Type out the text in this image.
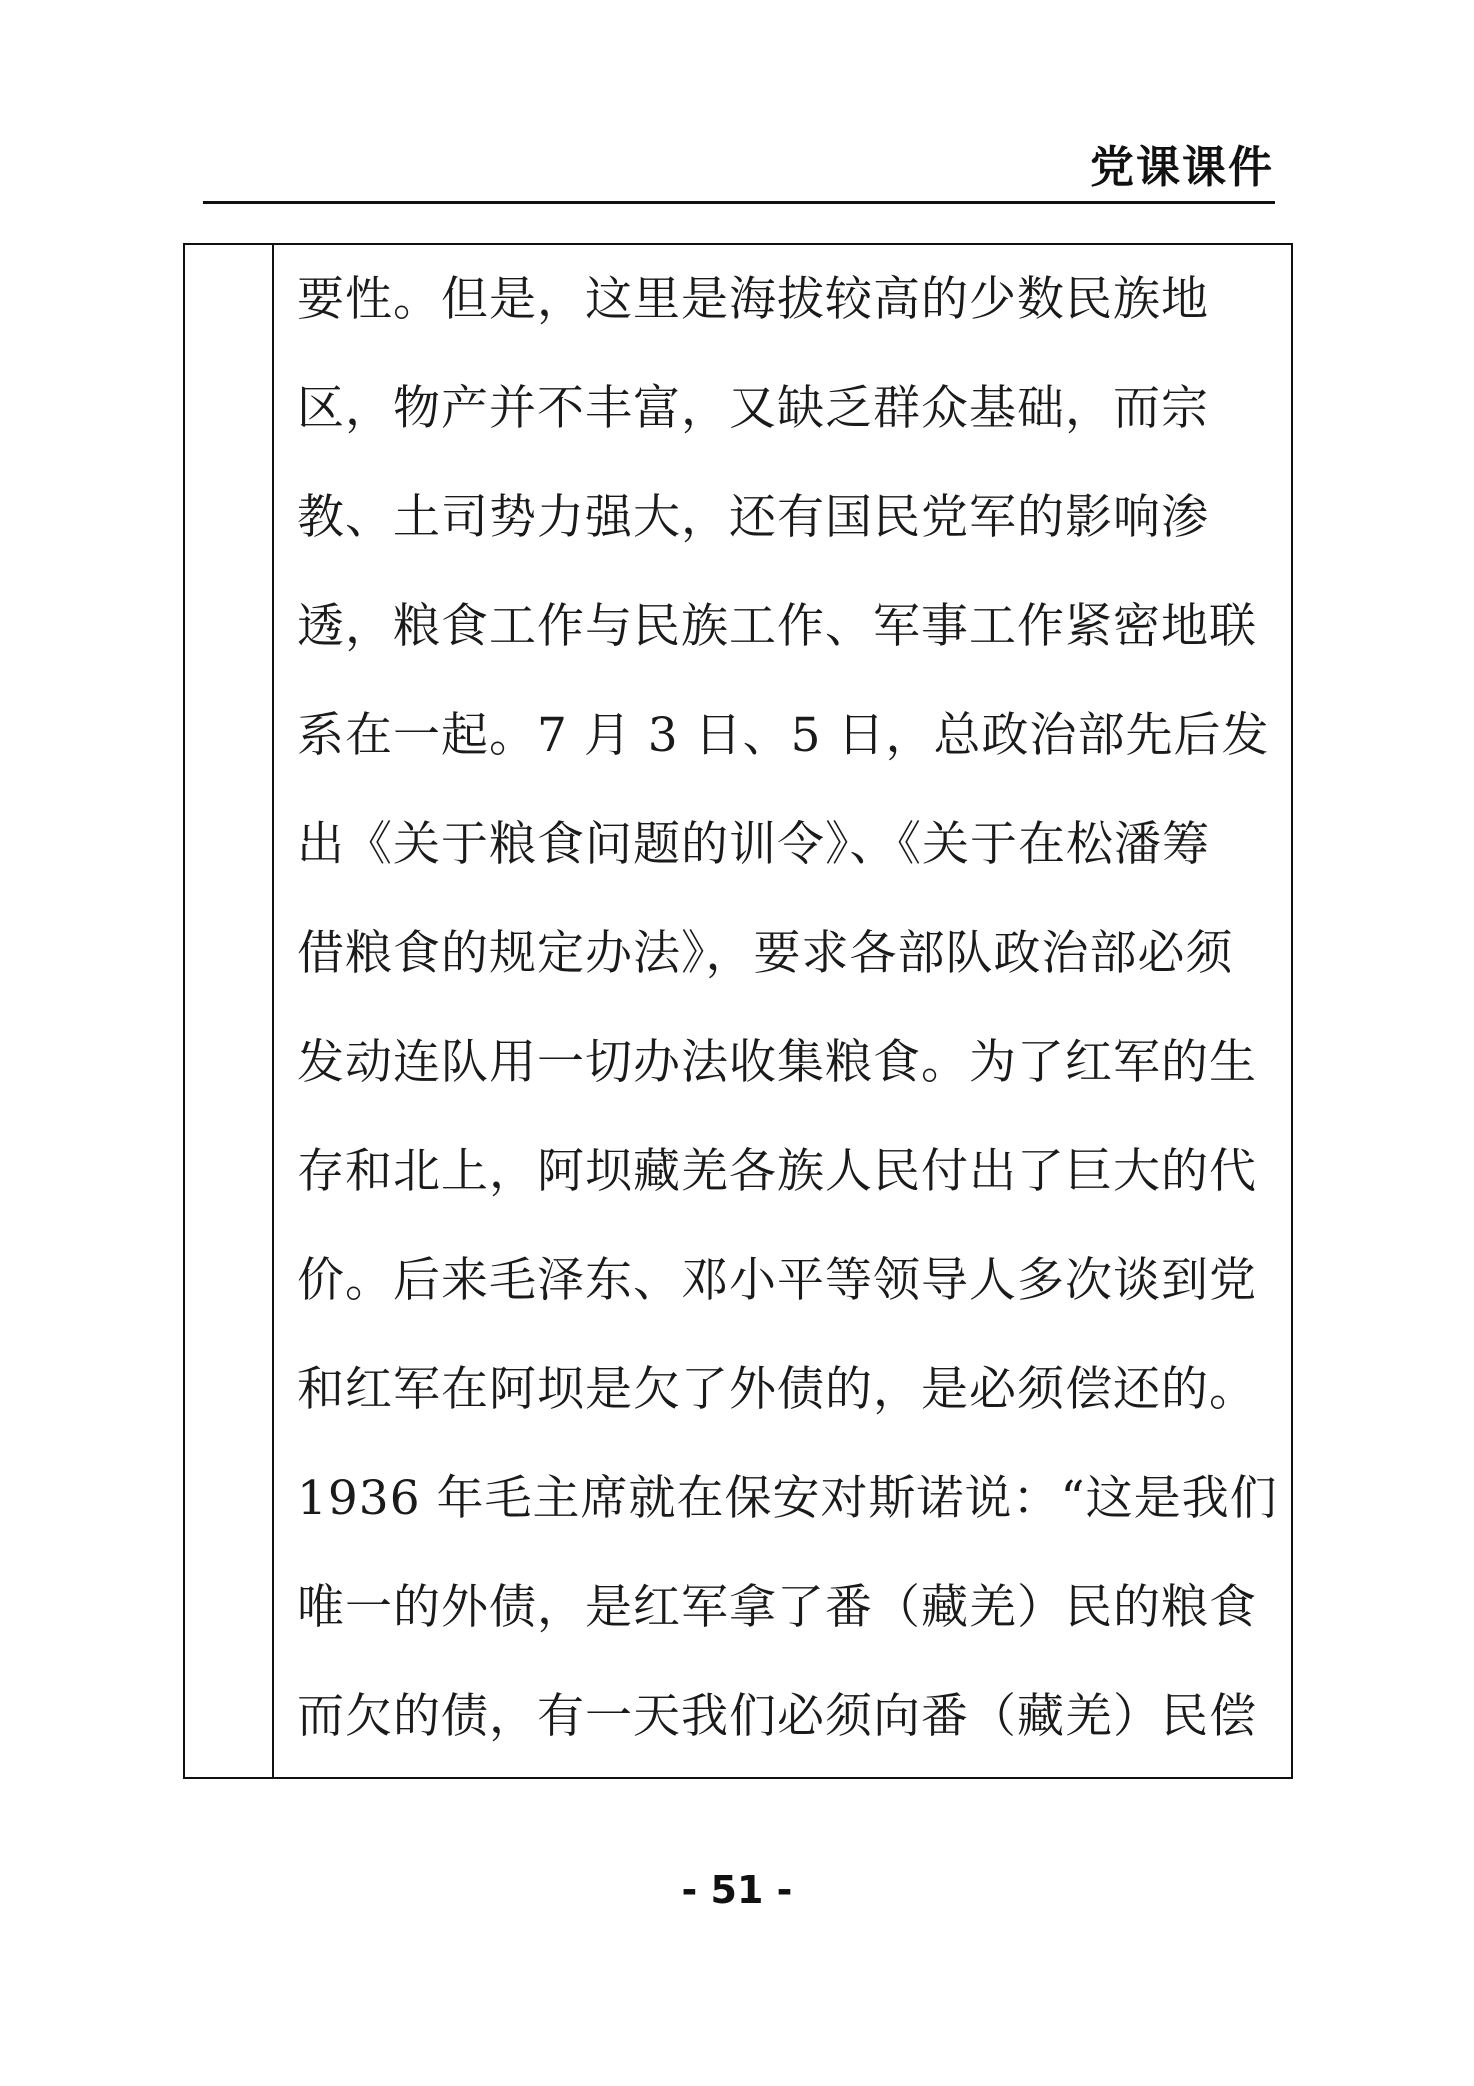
党课课件
要性。但是，这里是海拔较高的少数民族地
区，物产并不丰富，又缺乏群众基础，而宗
教、土司势力强大，还有国民党军的影响渗
透，粮食工作与民族工作、军事工作紧密地联
系在一起。7 月 3 日、5 日，总政治部先后发
出《关于粮食问题的训令》、《关于在松潘筹
借粮食的规定办法》，要求各部队政治部必须
发动连队用一切办法收集粮食。为了红军的生
存和北上，阿坝藏羌各族人民付出了巨大的代
价。后来毛泽东、邓小平等领导人多次谈到党
和红军在阿坝是欠了外债的，是必须偿还的。
1936 年毛主席就在保安对斯诺说：“这是我们
唯一的外债，是红军拿了番（藏羌）民的粮食
而欠的债，有一天我们必须向番（藏羌）民偿
- 51 -
